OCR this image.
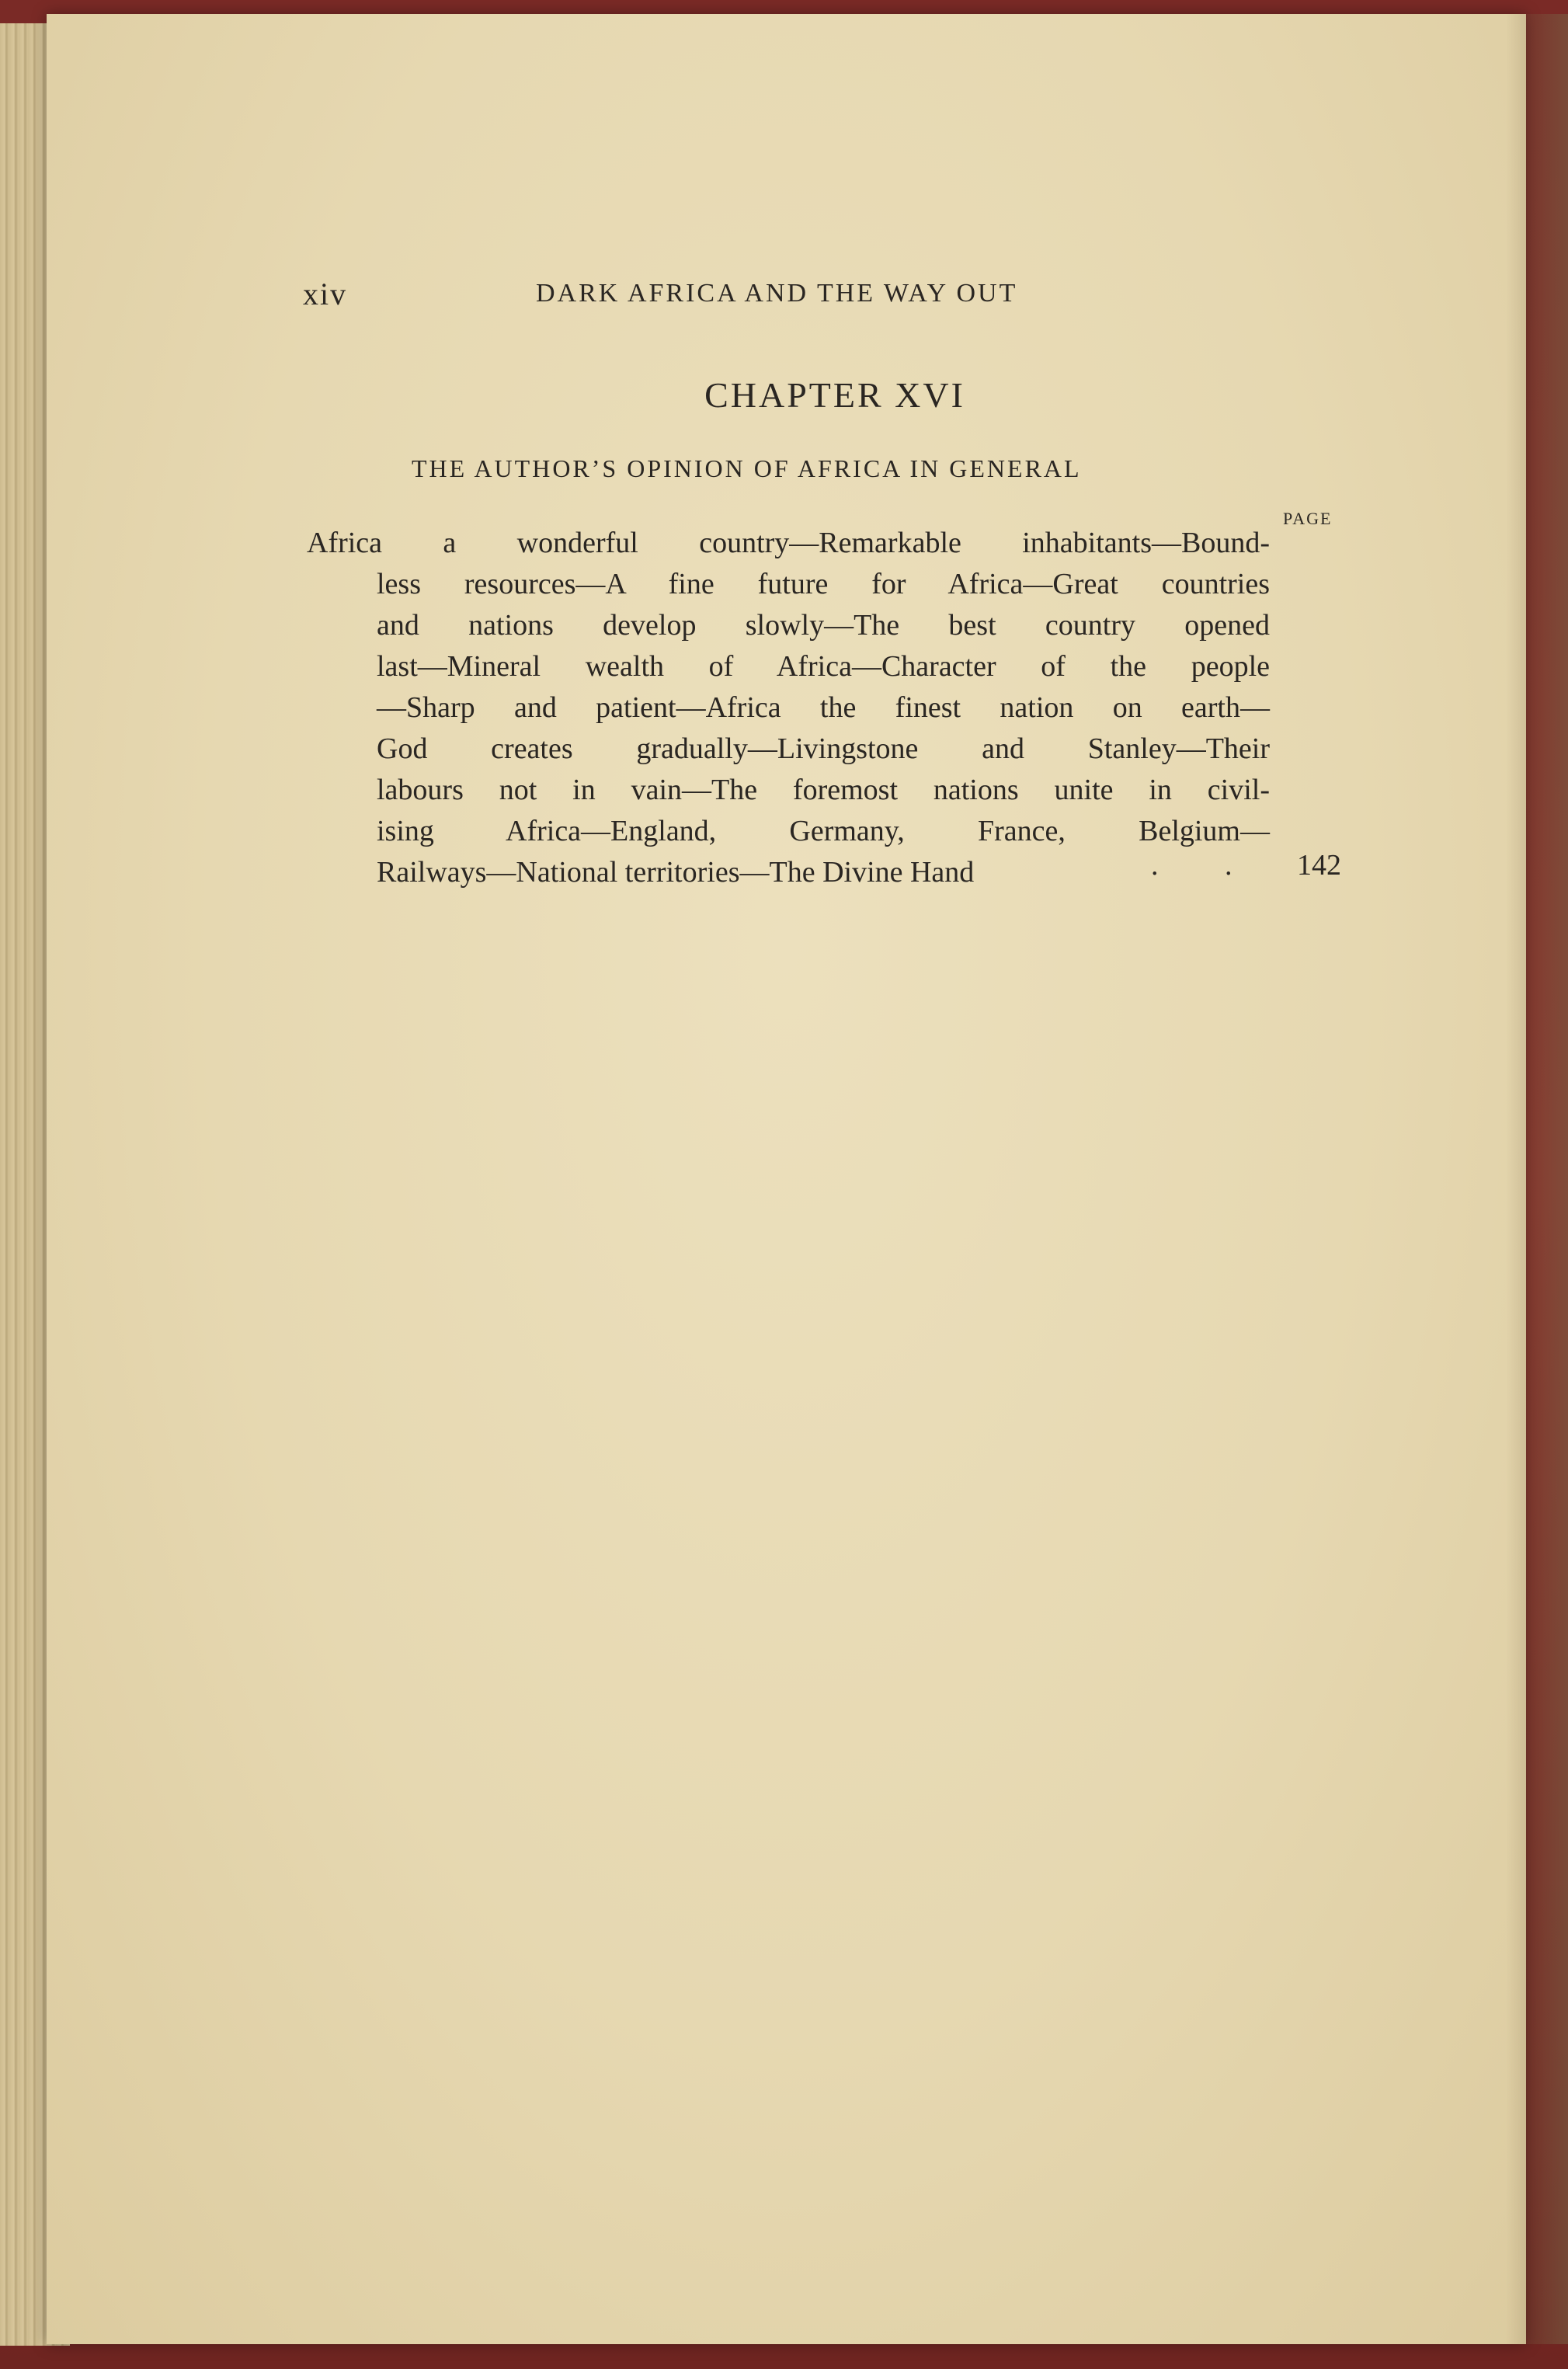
xiv	DARK AFRICA AND THE WAY OUT
CHAPTER XVI
THE AUTHOR’S OPINION OF AFRICA IN GENERAL
PAGE
Africa a wonderful country—Remarkable inhabitants—Bound-
less resources—A fine future for Africa—Great countries
and nations develop slowly—The best country opened
last—Mineral wealth of Africa—Character of the people
—Sharp and patient—Africa the finest nation on earth—
God creates gradually—Livingstone and Stanley—Their
labours not in vain—The foremost nations unite in civil-
ising Africa—England, Germany, France, Belgium—
Railways—National territories—The Divine Hand	. . 142
